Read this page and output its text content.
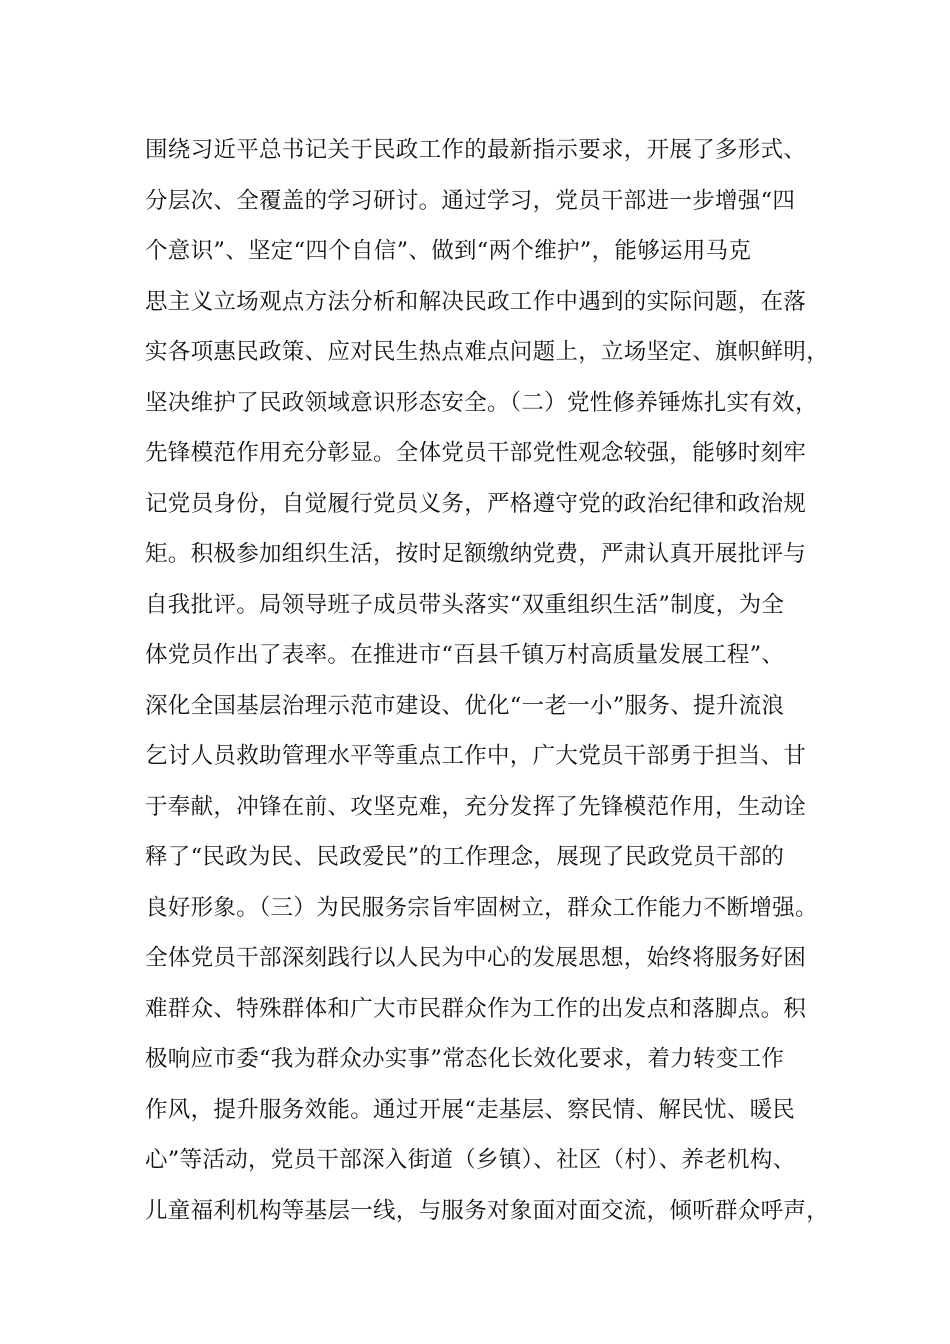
围绕习近平总书记关于民政工作的最新指示要求，开展了多形式、
分层次、全覆盖的学习研讨。通过学习，党员干部进一步增强“四
个意识”、坚定“四个自信”、做到“两个维护”，能够运用马克
思主义立场观点方法分析和解决民政工作中遇到的实际问题，在落
实各项惠民政策、应对民生热点难点问题上，立场坚定、旗帜鲜明，
坚决维护了民政领域意识形态安全。（二）党性修养锤炼扎实有效，
先锋模范作用充分彰显。全体党员干部党性观念较强，能够时刻牢
记党员身份，自觉履行党员义务，严格遵守党的政治纪律和政治规
矩。积极参加组织生活，按时足额缴纳党费，严肃认真开展批评与
自我批评。局领导班子成员带头落实“双重组织生活”制度，为全
体党员作出了表率。在推进市“百县千镇万村高质量发展工程”、
深化全国基层治理示范市建设、优化“一老一小”服务、提升流浪
乞讨人员救助管理水平等重点工作中，广大党员干部勇于担当、甘
于奉献，冲锋在前、攻坚克难，充分发挥了先锋模范作用，生动诠
释了“民政为民、民政爱民”的工作理念，展现了民政党员干部的
良好形象。（三）为民服务宗旨牢固树立，群众工作能力不断增强。
全体党员干部深刻践行以人民为中心的发展思想，始终将服务好困
难群众、特殊群体和广大市民群众作为工作的出发点和落脚点。积
极响应市委“我为群众办实事”常态化长效化要求，着力转变工作
作风，提升服务效能。通过开展“走基层、察民情、解民忧、暖民
心”等活动，党员干部深入街道（乡镇）、社区（村）、养老机构、
儿童福利机构等基层一线，与服务对象面对面交流，倾听群众呼声，
